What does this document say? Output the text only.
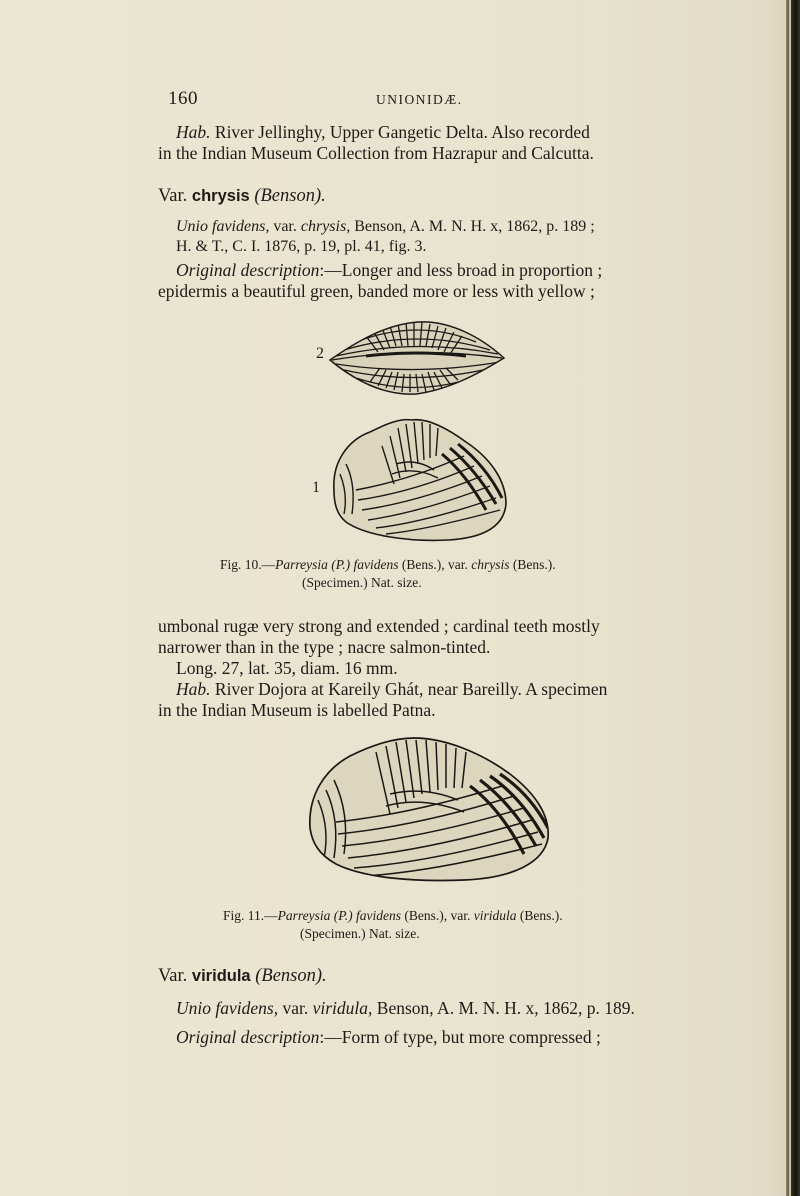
160	UNIONIDÆ.
Hab. River Jellinghy, Upper Gangetic Delta. Also recorded
in the Indian Museum Collection from Hazrapur and Calcutta.
Var. chrysis (Benson).
Unio favidens, var. chrysis, Benson, A. M. N. H. x, 1862, p. 189 ;
H. & T., C. I. 1876, p. 19, pl. 41, fig. 3.
Original description:—Longer and less broad in proportion ;
epidermis a beautiful green, banded more or less with yellow ;
2
1
Fig. 10.—Parreysia (P.) favidens (Bens.), var. chrysis (Bens.).
(Specimen.) Nat. size.
umbonal rugæ very strong and extended ; cardinal teeth mostly
narrower than in the type ; nacre salmon-tinted.
Long. 27, lat. 35, diam. 16 mm.
Hab. River Dojora at Kareily Ghát, near Bareilly. A specimen
in the Indian Museum is labelled Patna.
Fig. 11.—Parreysia (P.) favidens (Bens.), var. viridula (Bens.).
(Specimen.) Nat. size.
Var. viridula (Benson).
Unio favidens, var. viridula, Benson, A. M. N. H. x, 1862, p. 189.
Original description:—Form of type, but more compressed ;
